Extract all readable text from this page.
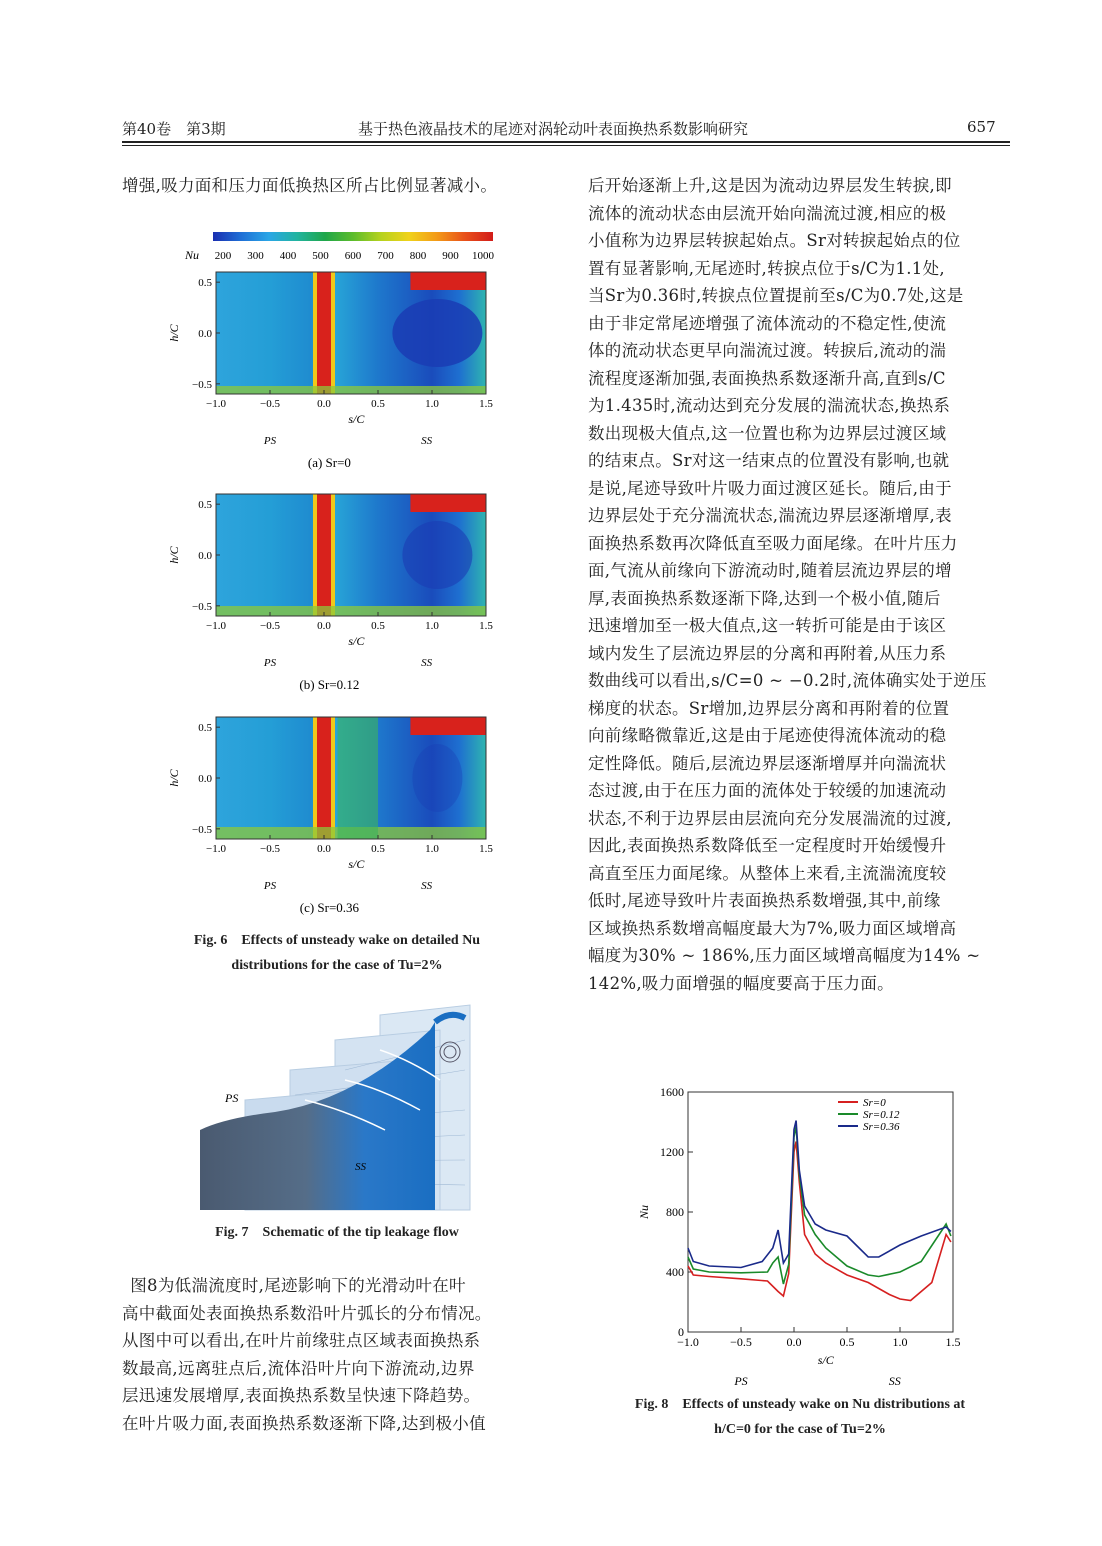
第40卷　第3期	基于热色液晶技术的尾迹对涡轮动叶表面换热系数影响研究	657
增强,吸力面和压力面低换热区所占比例显著减小。
Nu 200 300 400 500 600 700 800 900 1000
0.5
0.0
−0.5
h/C
−1.0	−0.5	0.0	0.5	1.0	1.5
s/C
PS	SS
(a) Sr=0
0.5
0.0
−0.5
h/C
−1.0	−0.5	0.0	0.5	1.0	1.5
s/C
PS	SS
(b) Sr=0.12
0.5
0.0
−0.5
h/C
−1.0	−0.5	0.0	0.5	1.0	1.5
s/C
PS	SS
(c) Sr=0.36
Fig. 6　Effects of unsteady wake on detailed Nu
distributions for the case of Tu=2%
PS
SS
Fig. 7　Schematic of the tip leakage flow

图8为低湍流度时,尾迹影响下的光滑动叶在叶

高中截面处表面换热系数沿叶片弧长的分布情况。

从图中可以看出,在叶片前缘驻点区域表面换热系

数最高,远离驻点后,流体沿叶片向下游流动,边界

层迅速发展增厚,表面换热系数呈快速下降趋势。

在叶片吸力面,表面换热系数逐渐下降,达到极小值

后开始逐渐上升,这是因为流动边界层发生转捩,即

流体的流动状态由层流开始向湍流过渡,相应的极

小值称为边界层转捩起始点。Sr对转捩起始点的位

置有显著影响,无尾迹时,转捩点位于s/C为1.1处,

当Sr为0.36时,转捩点位置提前至s/C为0.7处,这是

由于非定常尾迹增强了流体流动的不稳定性,使流

体的流动状态更早向湍流过渡。转捩后,流动的湍

流程度逐渐加强,表面换热系数逐渐升高,直到s/C

为1.435时,流动达到充分发展的湍流状态,换热系

数出现极大值点,这一位置也称为边界层过渡区域

的结束点。Sr对这一结束点的位置没有影响,也就

是说,尾迹导致叶片吸力面过渡区延长。随后,由于

边界层处于充分湍流状态,湍流边界层逐渐增厚,表

面换热系数再次降低直至吸力面尾缘。在叶片压力

面,气流从前缘向下游流动时,随着层流边界层的增

厚,表面换热系数逐渐下降,达到一个极小值,随后

迅速增加至一极大值点,这一转折可能是由于该区

域内发生了层流边界层的分离和再附着,从压力系

数曲线可以看出,s/C=0 ~ −0.2时,流体确实处于逆压

梯度的状态。Sr增加,边界层分离和再附着的位置

向前缘略微靠近,这是由于尾迹使得流体流动的稳

定性降低。随后,层流边界层逐渐增厚并向湍流状

态过渡,由于在压力面的流体处于较缓的加速流动

状态,不利于边界层由层流向充分发展湍流的过渡,

因此,表面换热系数降低至一定程度时开始缓慢升

高直至压力面尾缘。从整体上来看,主流湍流度较

低时,尾迹导致叶片表面换热系数增强,其中,前缘

区域换热系数增高幅度最大为7%,吸力面区域增高

幅度为30% ~ 186%,压力面区域增高幅度为14% ~

142%,吸力面增强的幅度要高于压力面。

0
400
800
1200
1600
−1.0	−0.5	0.0	0.5	1.0	1.5
Nu
s/C
PS	SS
Sr=0
Sr=0.12
Sr=0.36
Fig. 8　Effects of unsteady wake on Nu distributions at
h/C=0 for the case of Tu=2%
